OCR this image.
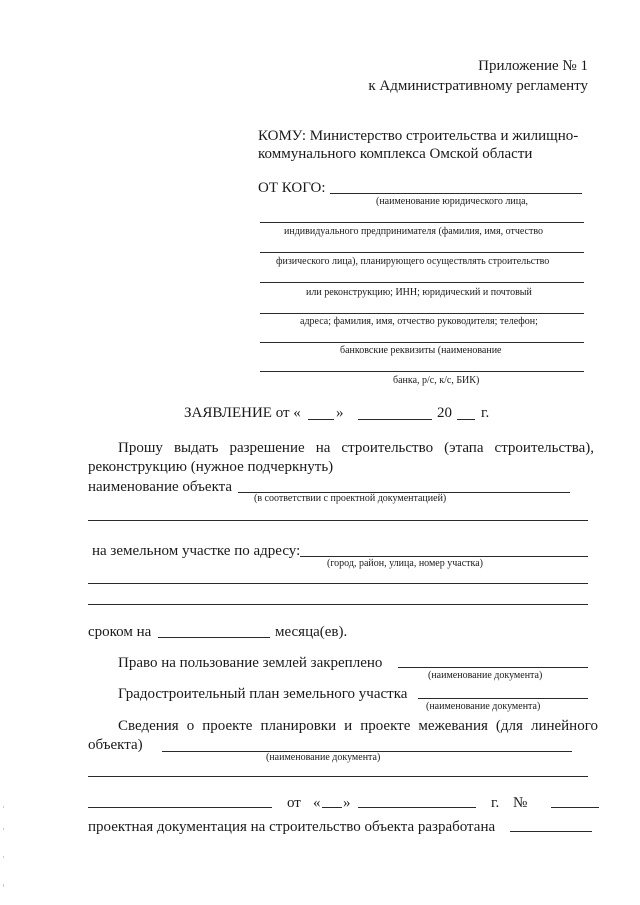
Приложение № 1
к Административному регламенту
КОМУ: Министерство строительства и жилищно-
коммунального комплекса Омской области
ОТ КОГО:
(наименование юридического лица,
индивидуального предпринимателя (фамилия, имя, отчество
физического лица), планирующего осуществлять строительство
или реконструкцию; ИНН; юридический и почтовый
адреса; фамилия, имя, отчество руководителя; телефон;
банковские реквизиты (наименование
банка, р/с, к/с, БИК)
ЗАЯВЛЕНИЕ от « »	20 г.
Прошу выдать разрешение на строительство (этапа строительства),
реконструкцию (нужное подчеркнуть)
наименование объекта
(в соответствии с проектной документацией)
на земельном участке по адресу:
(город, район, улица, номер участка)
сроком на	месяца(ев).
Право на пользование землей закреплено
(наименование документа)
Градостроительный план земельного участка
(наименование документа)
Сведения о проекте планировки и проекте межевания (для линейного
объекта)
(наименование документа)
от « »	г. №
проектная документация на строительство объекта разработана
